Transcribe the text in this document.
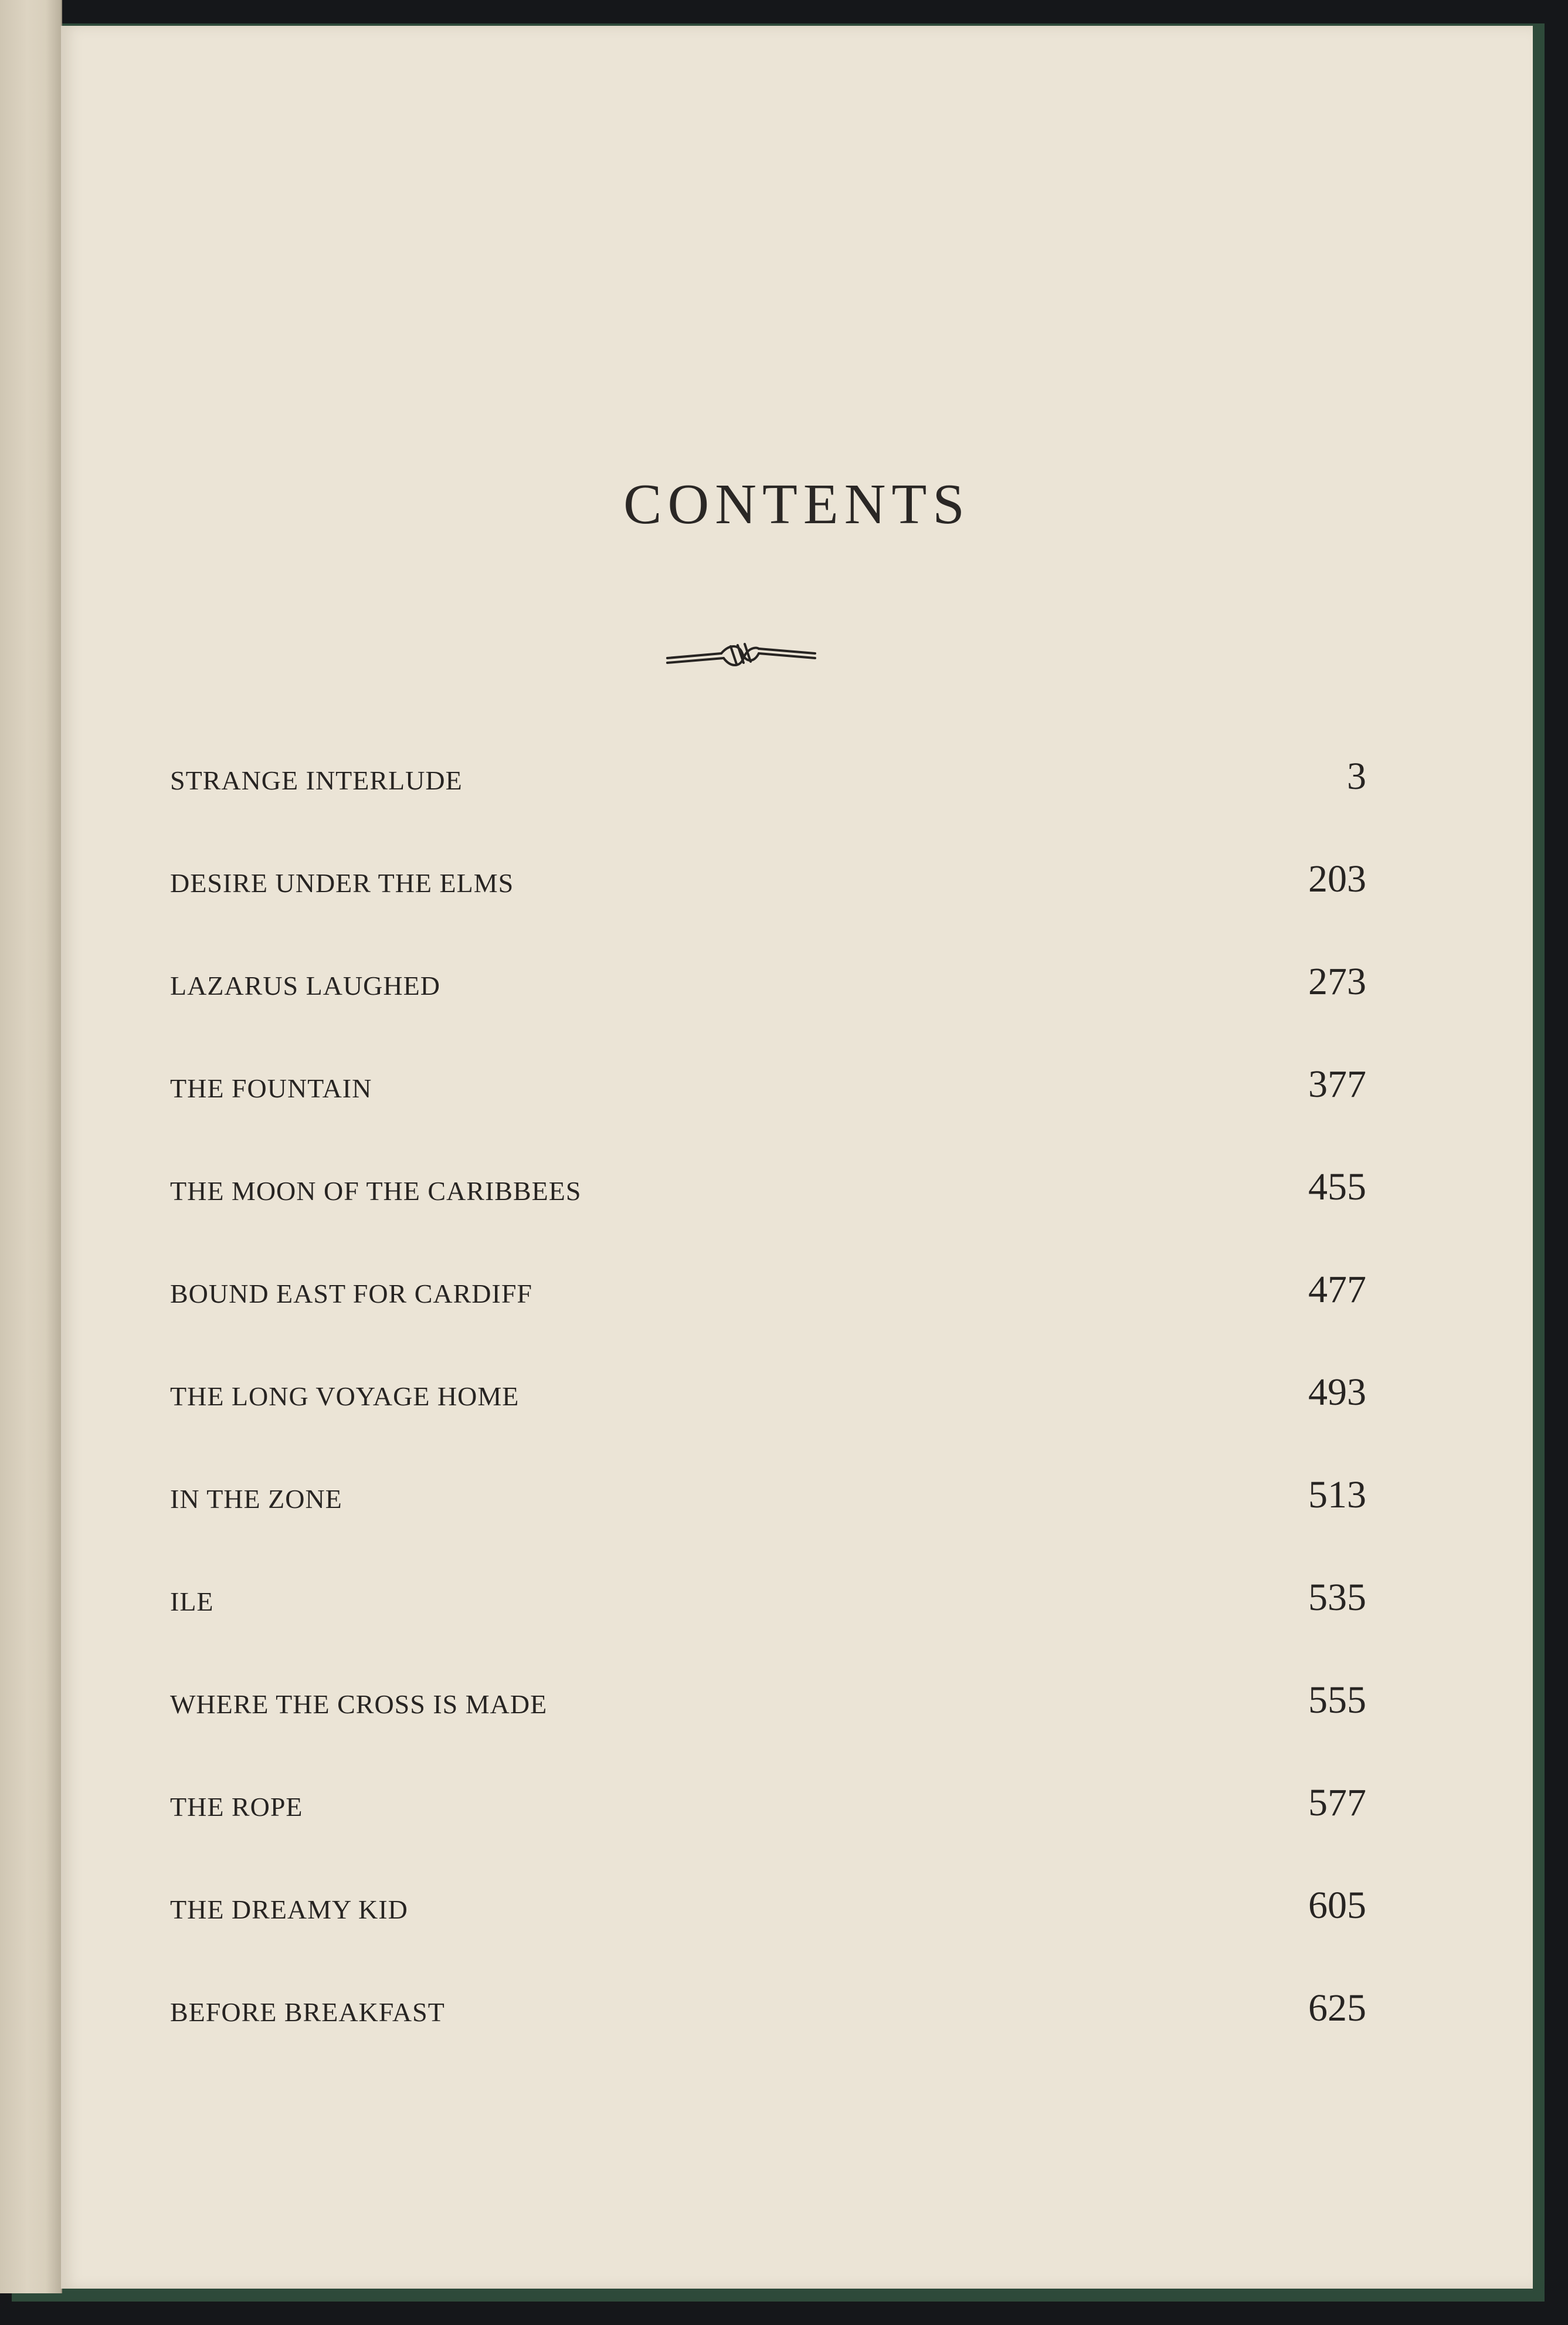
CONTENTS
STRANGE INTERLUDE	3
DESIRE UNDER THE ELMS	203
LAZARUS LAUGHED	273
THE FOUNTAIN	377
THE MOON OF THE CARIBBEES	455
BOUND EAST FOR CARDIFF	477
THE LONG VOYAGE HOME	493
IN THE ZONE	513
ILE	535
WHERE THE CROSS IS MADE	555
THE ROPE	577
THE DREAMY KID	605
BEFORE BREAKFAST	625
